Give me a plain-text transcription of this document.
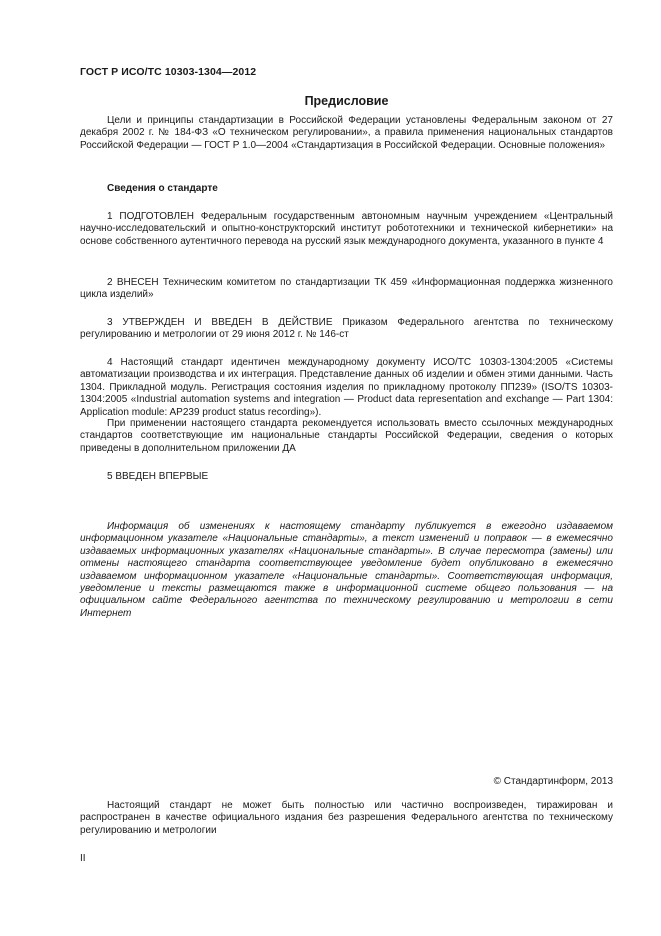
ГОСТ Р ИСО/ТС 10303-1304—2012
Предисловие

Цели и принципы стандартизации в Российской Федерации установлены Федеральным законом от 27 декабря 2002 г. № 184-ФЗ «О техническом регулировании», а правила применения национальных стандартов Российской Федерации — ГОСТ Р 1.0—2004 «Стандартизация в Российской Федерации. Основные положения»

Сведения о стандарте

1 ПОДГОТОВЛЕН Федеральным государственным автономным научным учреждением «Центральный научно-исследовательский и опытно-конструкторский институт робототехники и технической кибернетики» на основе собственного аутентичного перевода на русский язык международного документа, указанного в пункте 4

2 ВНЕСЕН Техническим комитетом по стандартизации ТК 459 «Информационная поддержка жизненного цикла изделий»

3 УТВЕРЖДЕН И ВВЕДЕН В ДЕЙСТВИЕ Приказом Федерального агентства по техническому регулированию и метрологии от 29 июня 2012 г. № 146-ст

4 Настоящий стандарт идентичен международному документу ИСО/ТС 10303-1304:2005 «Системы автоматизации производства и их интеграция. Представление данных об изделии и обмен этими данными. Часть 1304. Прикладной модуль. Регистрация состояния изделия по прикладному протоколу ПП239» (ISO/TS 10303-1304:2005 «Industrial automation systems and integration — Product data representation and exchange — Part 1304: Application module: AP239 product status recording»).

При применении настоящего стандарта рекомендуется использовать вместо ссылочных международных стандартов соответствующие им национальные стандарты Российской Федерации, сведения о которых приведены в дополнительном приложении ДА

5 ВВЕДЕН ВПЕРВЫЕ

Информация об изменениях к настоящему стандарту публикуется в ежегодно издаваемом информационном указателе «Национальные стандарты», а текст изменений и поправок — в ежемесячно издаваемых информационных указателях «Национальные стандарты». В случае пересмотра (замены) или отмены настоящего стандарта соответствующее уведомление будет опубликовано в ежемесячно издаваемом информационном указателе «Национальные стандарты». Соответствующая информация, уведомление и тексты размещаются также в информационной системе общего пользования — на официальном сайте Федерального агентства по техническому регулированию и метрологии в сети Интернет

© Стандартинформ, 2013

Настоящий стандарт не может быть полностью или частично воспроизведен, тиражирован и распространен в качестве официального издания без разрешения Федерального агентства по техническому регулированию и метрологии

II
